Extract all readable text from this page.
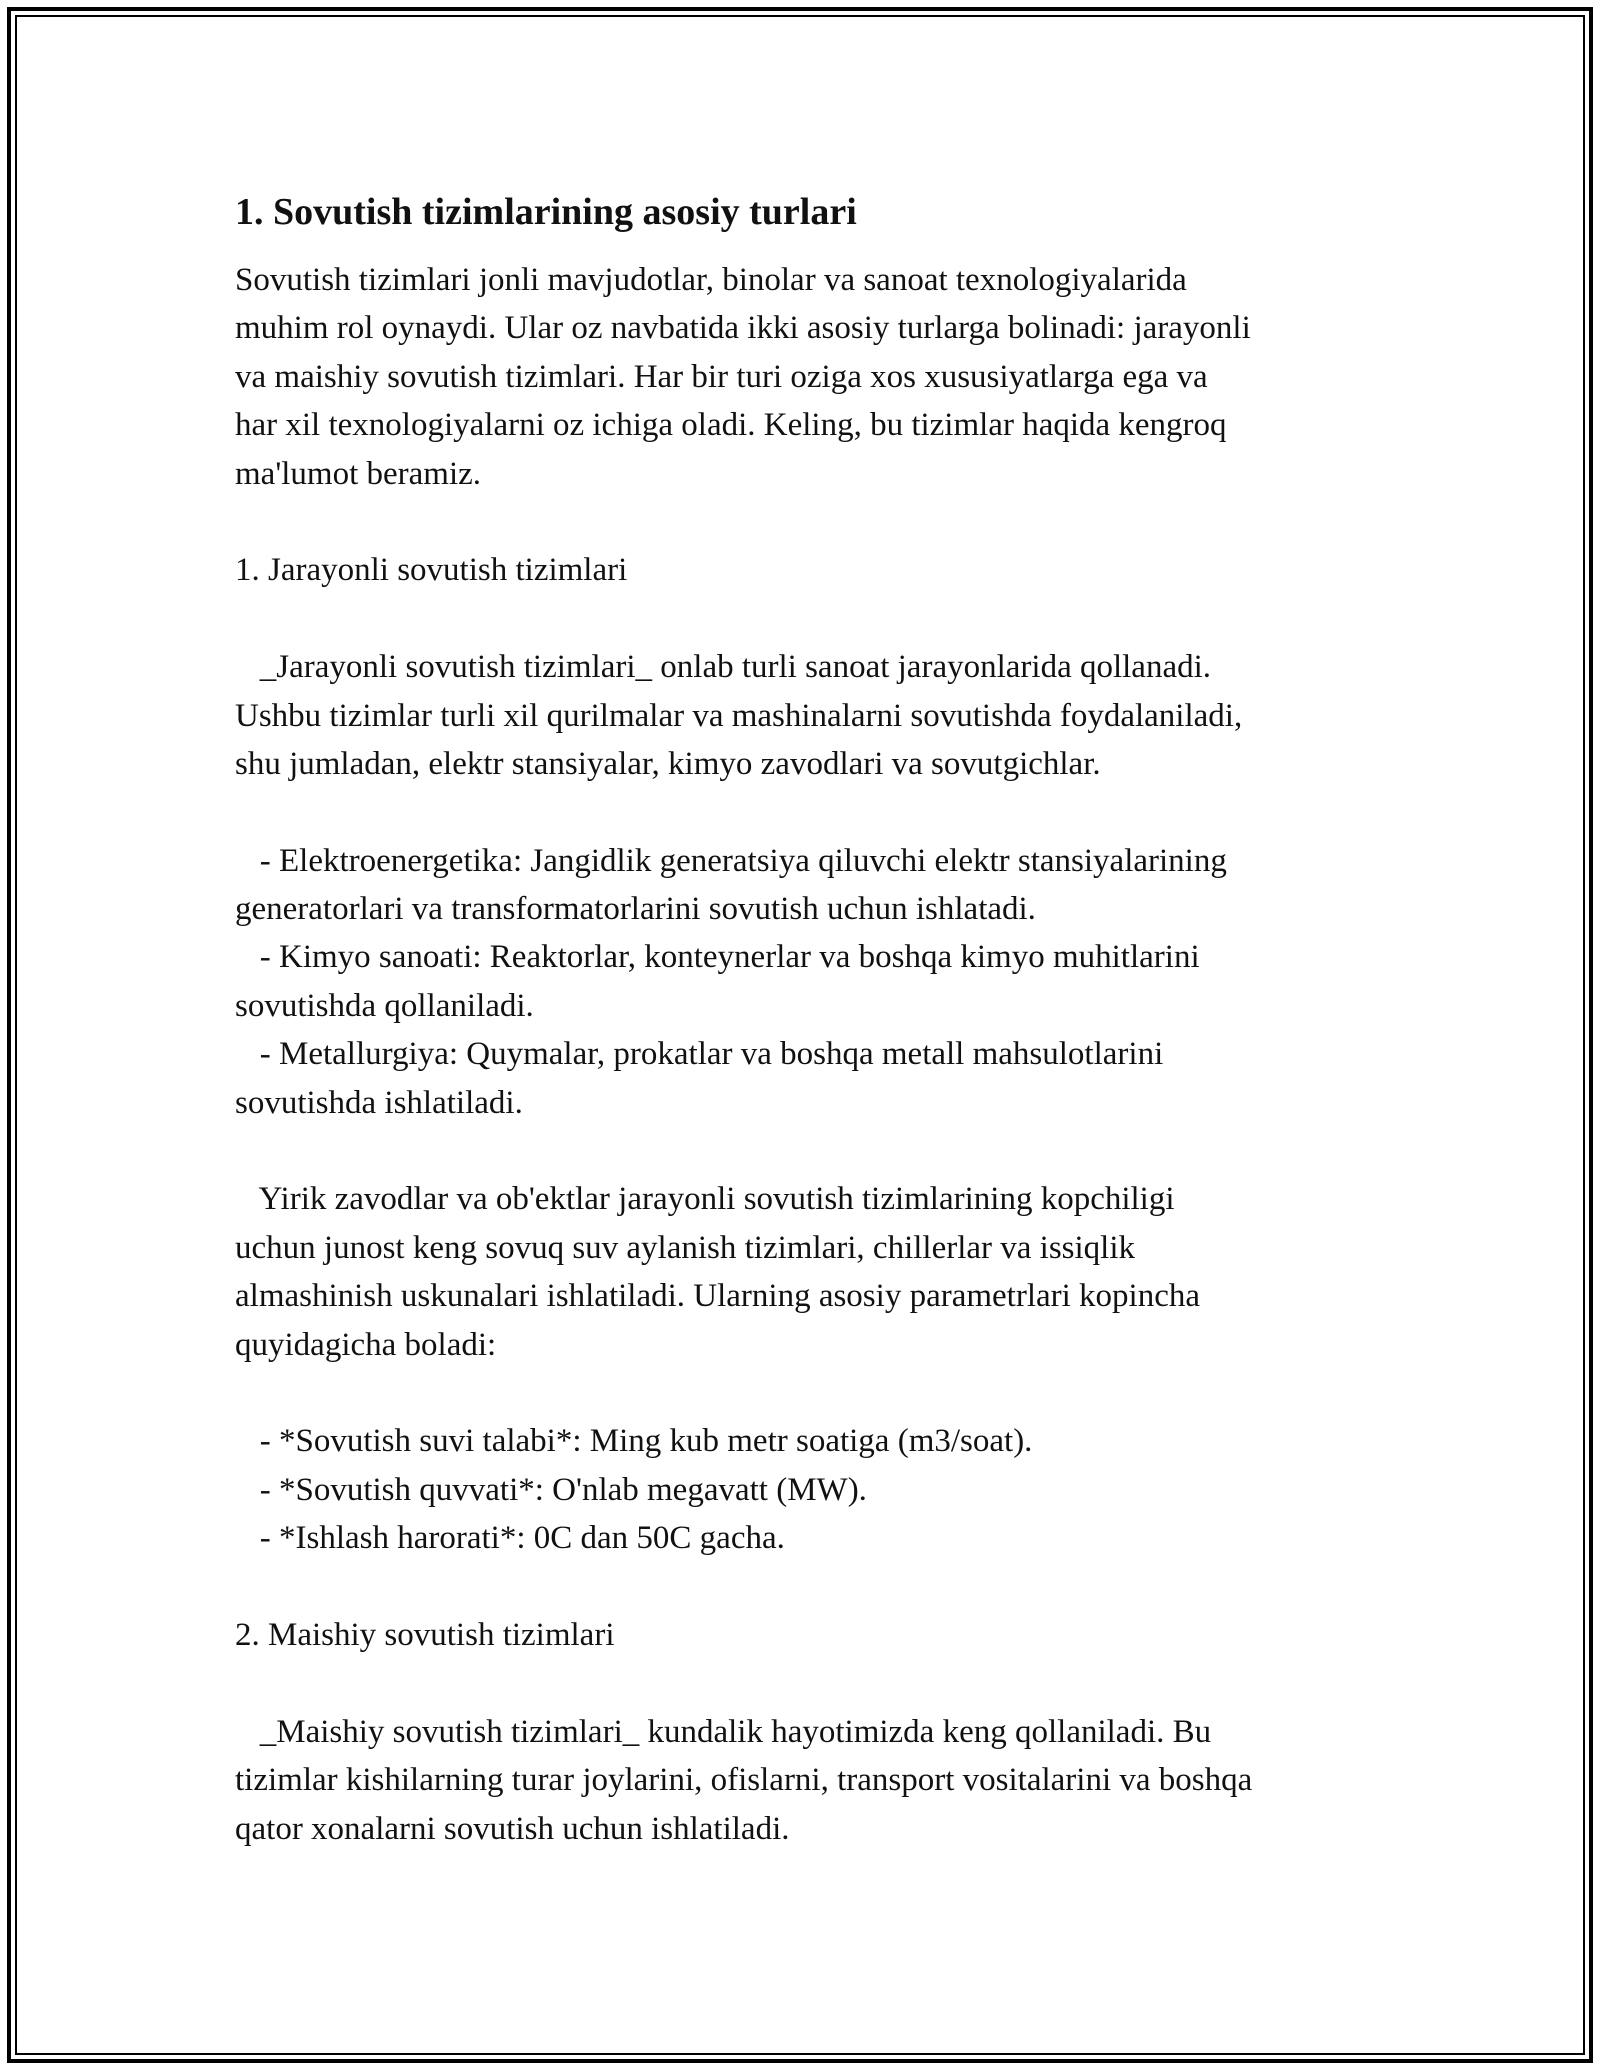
1. Sovutish tizimlarining asosiy turlari
Sovutish tizimlari jonli mavjudotlar, binolar va sanoat texnologiyalarida
muhim rol oynaydi. Ular oz navbatida ikki asosiy turlarga bolinadi: jarayonli
va maishiy sovutish tizimlari. Har bir turi oziga xos xususiyatlarga ega va
har xil texnologiyalarni oz ichiga oladi. Keling, bu tizimlar haqida kengroq
ma'lumot beramiz.
1. Jarayonli sovutish tizimlari
_Jarayonli sovutish tizimlari_ onlab turli sanoat jarayonlarida qollanadi.
Ushbu tizimlar turli xil qurilmalar va mashinalarni sovutishda foydalaniladi,
shu jumladan, elektr stansiyalar, kimyo zavodlari va sovutgichlar.
- Elektroenergetika: Jangidlik generatsiya qiluvchi elektr stansiyalarining
generatorlari va transformatorlarini sovutish uchun ishlatadi.
- Kimyo sanoati: Reaktorlar, konteynerlar va boshqa kimyo muhitlarini
sovutishda qollaniladi.
- Metallurgiya: Quymalar, prokatlar va boshqa metall mahsulotlarini
sovutishda ishlatiladi.
Yirik zavodlar va ob'ektlar jarayonli sovutish tizimlarining kopchiligi
uchun junost keng sovuq suv aylanish tizimlari, chillerlar va issiqlik
almashinish uskunalari ishlatiladi. Ularning asosiy parametrlari kopincha
quyidagicha boladi:
- *Sovutish suvi talabi*: Ming kub metr soatiga (m3/soat).
- *Sovutish quvvati*: O'nlab megavatt (MW).
- *Ishlash harorati*: 0C dan 50C gacha.
2. Maishiy sovutish tizimlari
_Maishiy sovutish tizimlari_ kundalik hayotimizda keng qollaniladi. Bu
tizimlar kishilarning turar joylarini, ofislarni, transport vositalarini va boshqa
qator xonalarni sovutish uchun ishlatiladi.
